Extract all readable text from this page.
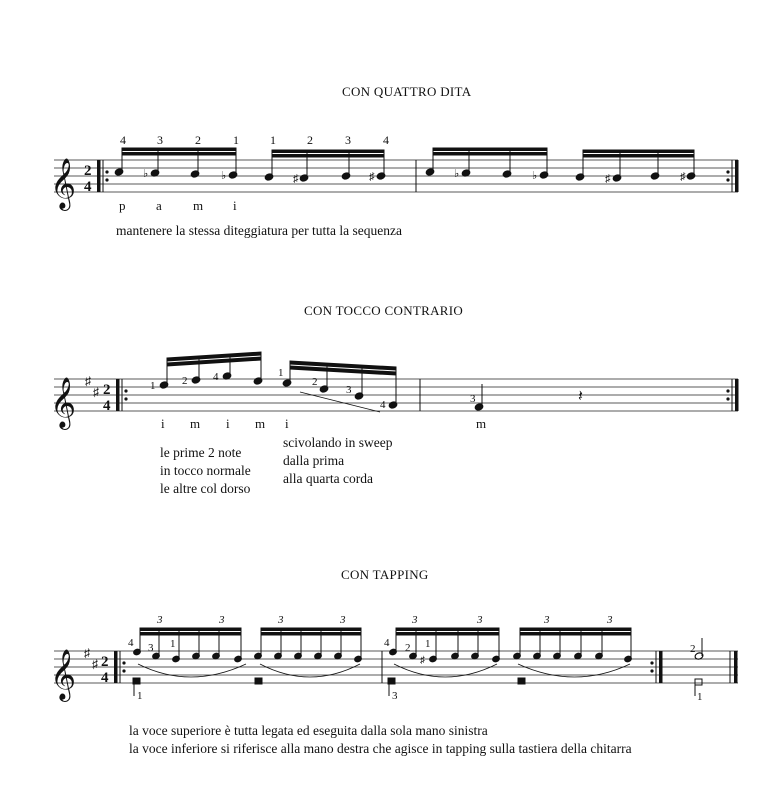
CON QUATTRO DITA
CON TOCCO CONTRARIO
CON TAPPING
mantenere la stessa diteggiatura per tutta la sequenza
le prime 2 note
in tocco normale
le altre col dorso
scivolando in sweep
dalla prima
alla quarta corda
la voce superiore è tutta legata ed eseguita dalla sola mano sinistra
la voce inferiore si riferisce alla mano destra che agisce in tapping sulla tastiera della chitarra
𝄞 2
4
♭	♭	♯	♯	♭	♭	♯	♯
4	3	2	1	1	2	3	4
p a m i
𝄞 ♯
♯ 2
4
𝄽
1 2 4	1
2
3
4	3
i m i m i	m
𝄞 ♯
♯ 2
4
♯
3	3	3	3	3	3	3	3
4 3 1	4 2 1	2
1	3	1
